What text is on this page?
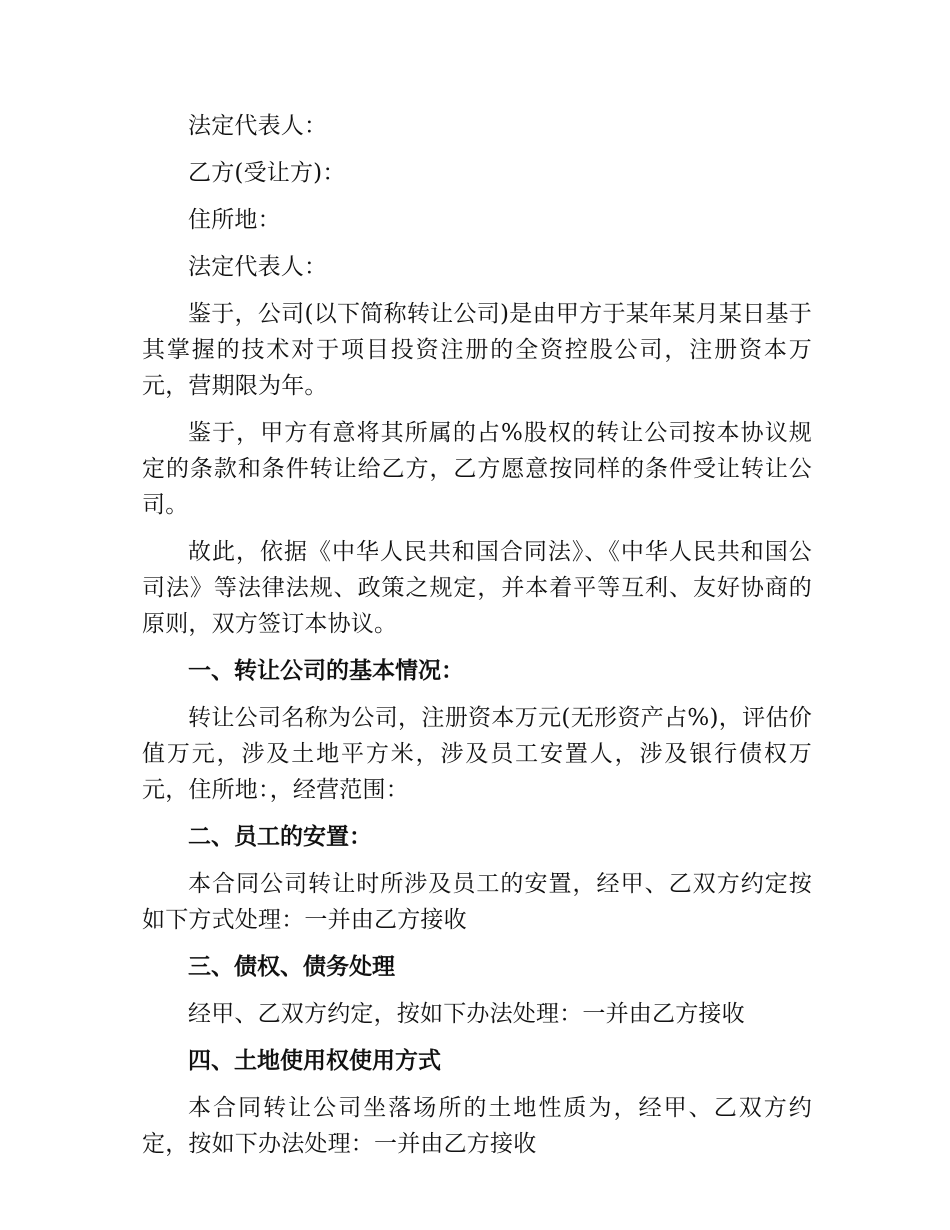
法定代表人：

乙方(受让方)：

住所地：

法定代表人：

鉴于，公司(以下简称转让公司)是由甲方于某年某月某日基于其掌握的技术对于项目投资注册的全资控股公司，注册资本万元，营期限为年。

鉴于，甲方有意将其所属的占%股权的转让公司按本协议规定的条款和条件转让给乙方，乙方愿意按同样的条件受让转让公司。

故此，依据《中华人民共和国合同法》、《中华人民共和国公司法》等法律法规、政策之规定，并本着平等互利、友好协商的原则，双方签订本协议。

一、转让公司的基本情况：

转让公司名称为公司，注册资本万元(无形资产占%)，评估价值万元，涉及土地平方米，涉及员工安置人，涉及银行债权万元，住所地：，经营范围：

二、员工的安置：

本合同公司转让时所涉及员工的安置，经甲、乙双方约定按如下方式处理：一并由乙方接收

三、债权、债务处理

经甲、乙双方约定，按如下办法处理：一并由乙方接收

四、土地使用权使用方式

本合同转让公司坐落场所的土地性质为，经甲、乙双方约定，按如下办法处理：一并由乙方接收
